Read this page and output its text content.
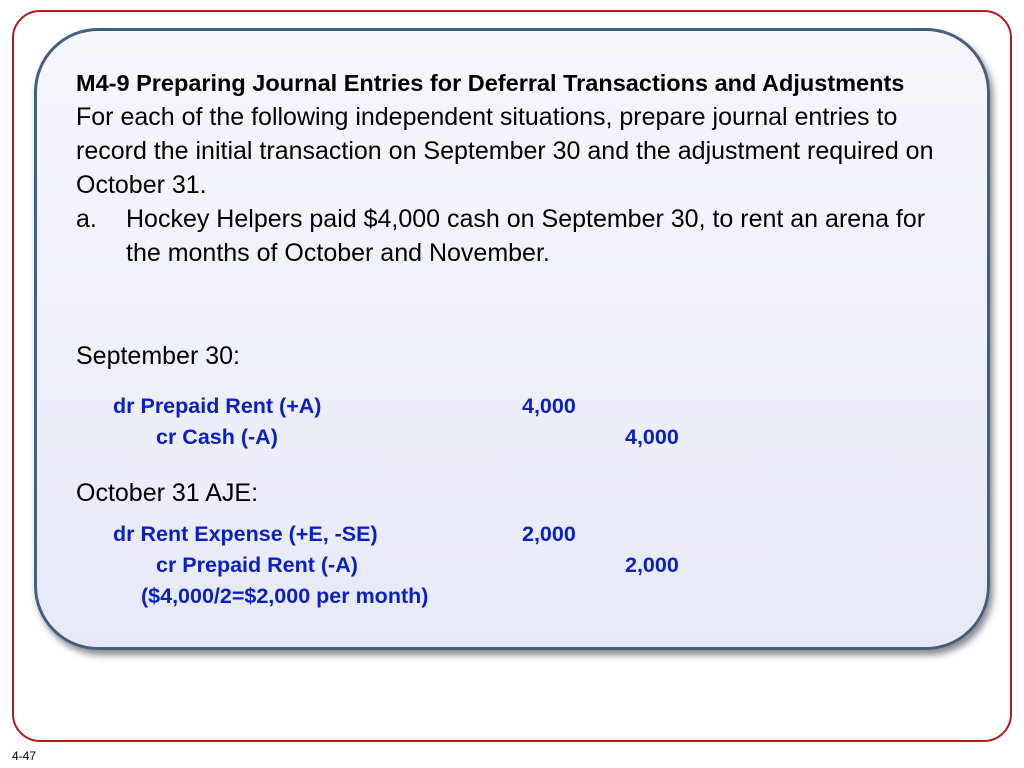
M4-9 Preparing Journal Entries for Deferral Transactions and Adjustments

For each of the following independent situations, prepare journal entries to record the initial transaction on September 30 and the adjustment required on October 31.

a.	Hockey Helpers paid $4,000 cash on September 30, to rent an arena for the months of October and November.
September 30:
dr Prepaid Rent (+A)	4,000
cr Cash (-A)	4,000
October 31 AJE:
dr Rent Expense (+E, -SE)	2,000
cr Prepaid Rent (-A)	2,000
($4,000/2=$2,000 per month)
4-47
